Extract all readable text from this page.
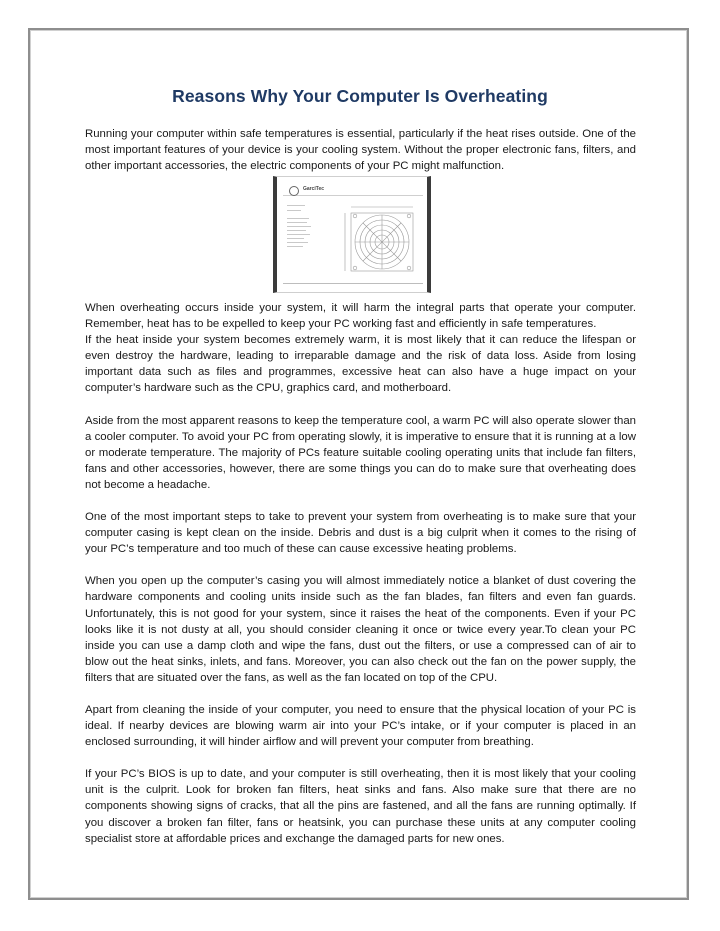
Reasons Why Your Computer Is Overheating

Running your computer within safe temperatures is essential, particularly if the heat rises outside. One of the most important features of your device is your cooling system. Without the proper electronic fans, filters, and other important accessories, the electric components of your PC might malfunction.

GarciTec

When overheating occurs inside your system, it will harm the integral parts that operate your computer. Remember, heat has to be expelled to keep your PC working fast and efficiently in safe temperatures.

If the heat inside your system becomes extremely warm, it is most likely that it can reduce the lifespan or even destroy the hardware, leading to irreparable damage and the risk of data loss. Aside from losing important data such as files and programmes, excessive heat can also have a huge impact on your computer’s hardware such as the CPU, graphics card, and motherboard.

Aside from the most apparent reasons to keep the temperature cool, a warm PC will also operate slower than a cooler computer. To avoid your PC from operating slowly, it is imperative to ensure that it is running at a low or moderate temperature. The majority of PCs feature suitable cooling operating units that include fan filters, fans and other accessories, however, there are some things you can do to make sure that overheating does not become a headache.

One of the most important steps to take to prevent your system from overheating is to make sure that your computer casing is kept clean on the inside. Debris and dust is a big culprit when it comes to the rising of your PC’s temperature and too much of these can cause excessive heating problems.

When you open up the computer’s casing you will almost immediately notice a blanket of dust covering the hardware components and cooling units inside such as the fan blades, fan filters and even fan guards. Unfortunately, this is not good for your system, since it raises the heat of the components. Even if your PC looks like it is not dusty at all, you should consider cleaning it once or twice every year.To clean your PC inside you can use a damp cloth and wipe the fans, dust out the filters, or use a compressed can of air to blow out the heat sinks, inlets, and fans. Moreover, you can also check out the fan on the power supply, the filters that are situated over the fans, as well as the fan located on top of the CPU.

Apart from cleaning the inside of your computer, you need to ensure that the physical location of your PC is ideal. If nearby devices are blowing warm air into your PC’s intake, or if your computer is placed in an enclosed surrounding, it will hinder airflow and will prevent your computer from breathing.

If your PC’s BIOS is up to date, and your computer is still overheating, then it is most likely that your cooling unit is the culprit. Look for broken fan filters, heat sinks and fans. Also make sure that there are no components showing signs of cracks, that all the pins are fastened, and all the fans are running optimally. If you discover a broken fan filter, fans or heatsink, you can purchase these units at any computer cooling specialist store at affordable prices and exchange the damaged parts for new ones.
